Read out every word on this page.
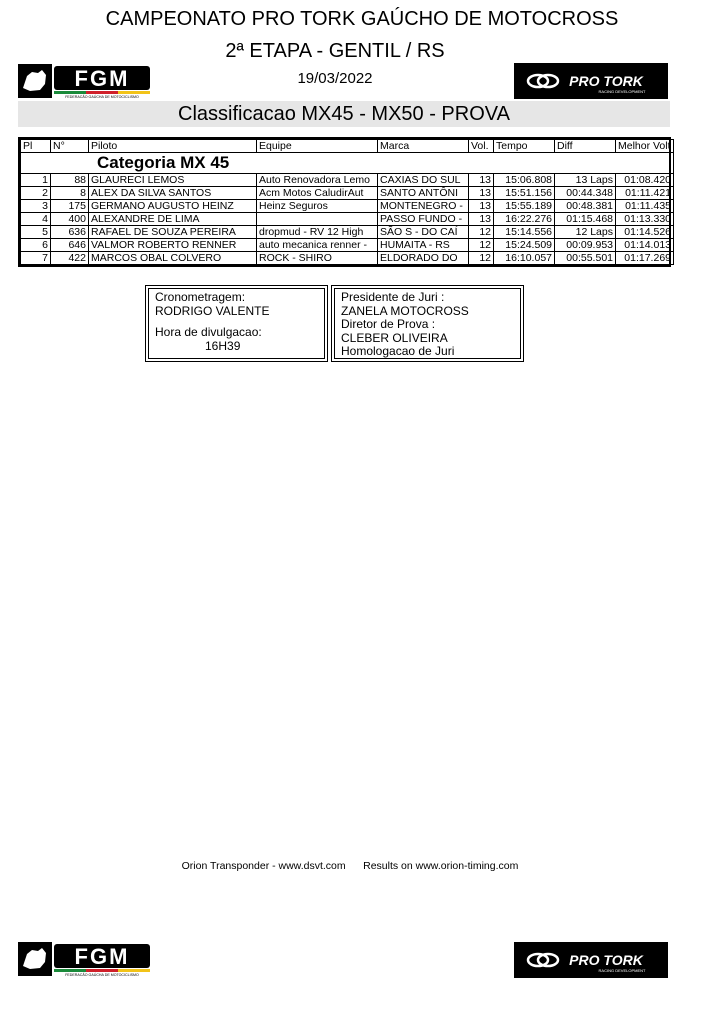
CAMPEONATO PRO TORK GAÚCHO DE MOTOCROSS
2ª ETAPA - GENTIL / RS
19/03/2022
FGM
FEDERAÇÃO GAÚCHA DE MOTOCICLISMO
PRO TORK
RACING DEVELOPMENT
Classificacao MX45 - MX50 - PROVA
Pl	N°	Piloto	Equipe	Marca	Vol.	Tempo	Diff	Melhor Volt
Categoria MX 45								
1	88	GLAURECI LEMOS	Auto Renovadora Lemo	CAXIAS DO SUL	13	15:06.808	13 Laps	01:08.420
2	8	ALEX DA SILVA SANTOS	Acm Motos CaludirAut	SANTO ANTÔNI	13	15:51.156	00:44.348	01:11.421
3	175	GERMANO AUGUSTO HEINZ	Heinz Seguros	MONTENEGRO -	13	15:55.189	00:48.381	01:11.435
4	400	ALEXANDRE DE LIMA		PASSO FUNDO -	13	16:22.276	01:15.468	01:13.330
5	636	RAFAEL DE SOUZA PEREIRA	dropmud - RV 12 High	SÃO S - DO CAÍ	12	15:14.556	12 Laps	01:14.526
6	646	VALMOR ROBERTO RENNER	auto mecanica renner -	HUMAITA - RS	12	15:24.509	00:09.953	01:14.013
7	422	MARCOS OBAL COLVERO	ROCK - SHIRO	ELDORADO DO	12	16:10.057	00:55.501	01:17.269
Cronometragem:
RODRIGO VALENTE
Hora de divulgacao:
16H39
Presidente de Juri :
ZANELA MOTOCROSS
Diretor de Prova :
CLEBER OLIVEIRA
Homologacao de Juri
Orion Transponder - www.dsvt.com      Results on www.orion-timing.com
FGM
FEDERAÇÃO GAÚCHA DE MOTOCICLISMO
PRO TORK
RACING DEVELOPMENT
